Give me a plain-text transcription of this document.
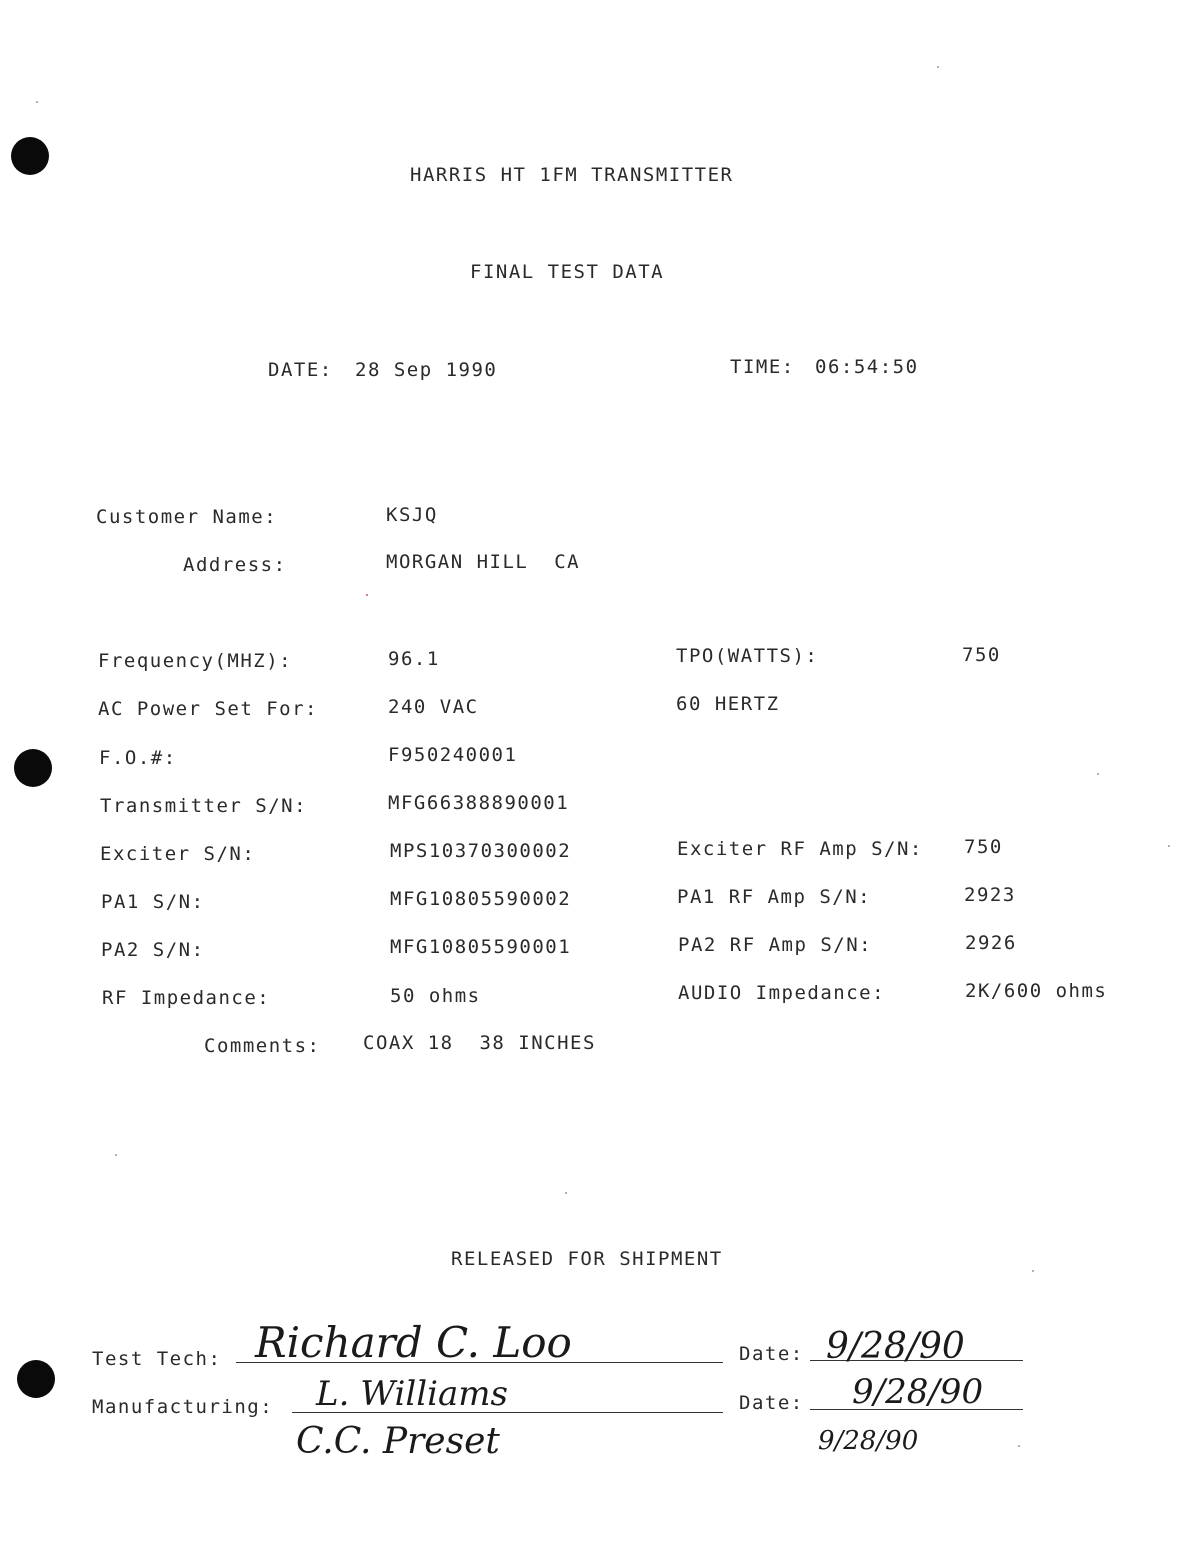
HARRIS HT 1FM TRANSMITTER
FINAL TEST DATA
DATE: 28 Sep 1990	TIME: 06:54:50
Customer Name:	KSJQ
Address:	MORGAN HILL  CA
Frequency(MHZ):	96.1	TPO(WATTS):	750
AC Power Set For:	240 VAC	60 HERTZ
F.O.#:	F950240001
Transmitter S/N:	MFG66388890001
Exciter S/N:	MPS10370300002	Exciter RF Amp S/N: 750
PA1 S/N:	MFG10805590002	PA1 RF Amp S/N:	2923
PA2 S/N:	MFG10805590001	PA2 RF Amp S/N:	2926
RF Impedance:	50 ohms	AUDIO Impedance:	2K/600 ohms
Comments: COAX 18  38 INCHES
RELEASED FOR SHIPMENT
Test Tech: Richard C. Loo	Date: 9/28/90
Manufacturing: L. Williams	Date: 9/28/90
C.C. Preset	9/28/90
